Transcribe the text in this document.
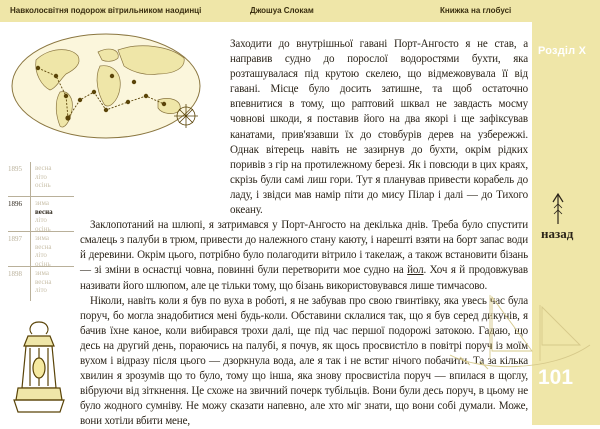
Навколосвітня подорож вітрильником наодинці	Джошуа Слокам	Книжка на глобусі
1895 весна
літо
осінь
1896 зима
весна
літо
осінь
1897 зима
весна
літо
осінь
1898 зима
весна
літо

Заходити до внутрішньої гавані Порт-Ангосто я не став, а направив судно до порослої водоростями бухти, яка розташувалася під крутою скелею, що відмежовувала її від гавані. Місце було досить затишне, та щоб остаточно впевнитися в тому, що раптовий шквал не завдасть мосму човнові шкоди, я поставив його на два якорі і ще зафіксував канатами, прив'язавши їх до стовбурів дерев на узбережжі. Однак вітерець навіть не зазирнув до бухти, окрім рідких поривів з гір на протилежному березі. Як і повсюди в цих краях, скрізь були самі лиш гори. Тут я планував привести корабель до ладу, і звідси мав намір піти до мису Пілар і далі — до Тихого океану.

Заклопотаний на шлюпі, я затримався у Порт-Ангосто на декілька днів. Треба було спустити смалець з палуби в трюм, привести до належного стану каюту, і нарешті взяти на борт запас води й деревини. Окрім цього, потрібно було полагодити вітрило і такелаж, а також встановити бізань — зі зміни в оснастці човна, повинні були перетворити мое судно на йол. Хоч я й продовжував називати його шлюпом, але це тільки тому, що бізань використовувався лише тимчасово.

Ніколи, навіть коли я був по вуха в роботі, я не забував про свою гвинтівку, яка увесь час була поруч, бо могла знадобитися мені будь-коли. Обставини склалися так, що я був серед дикунів, я бачив їхне каное, коли вибирався трохи далі, ще під час першої подорожі затокою. Гадаю, що десь на другий день, пораючись на палубі, я почув, як щось просвистіло в повітрі поруч із моїм вухом і відразу після цього — дзоркнула вода, але я так і не встиг нічого побачити. Та за кілька хвилин я зрозумів що то було, тому що інша, яка знову просвистіла поруч — впилася в щоглу, вібруючи від зіткнення. Це схоже на звичний почерк тубільців. Вони були десь поруч, в цьому не було жодного сумніву. Не можу сказати напевно, але хто міг знати, що вони собі думали. Може, вони хотіли вбити мене,

Розділ X
назад
101
